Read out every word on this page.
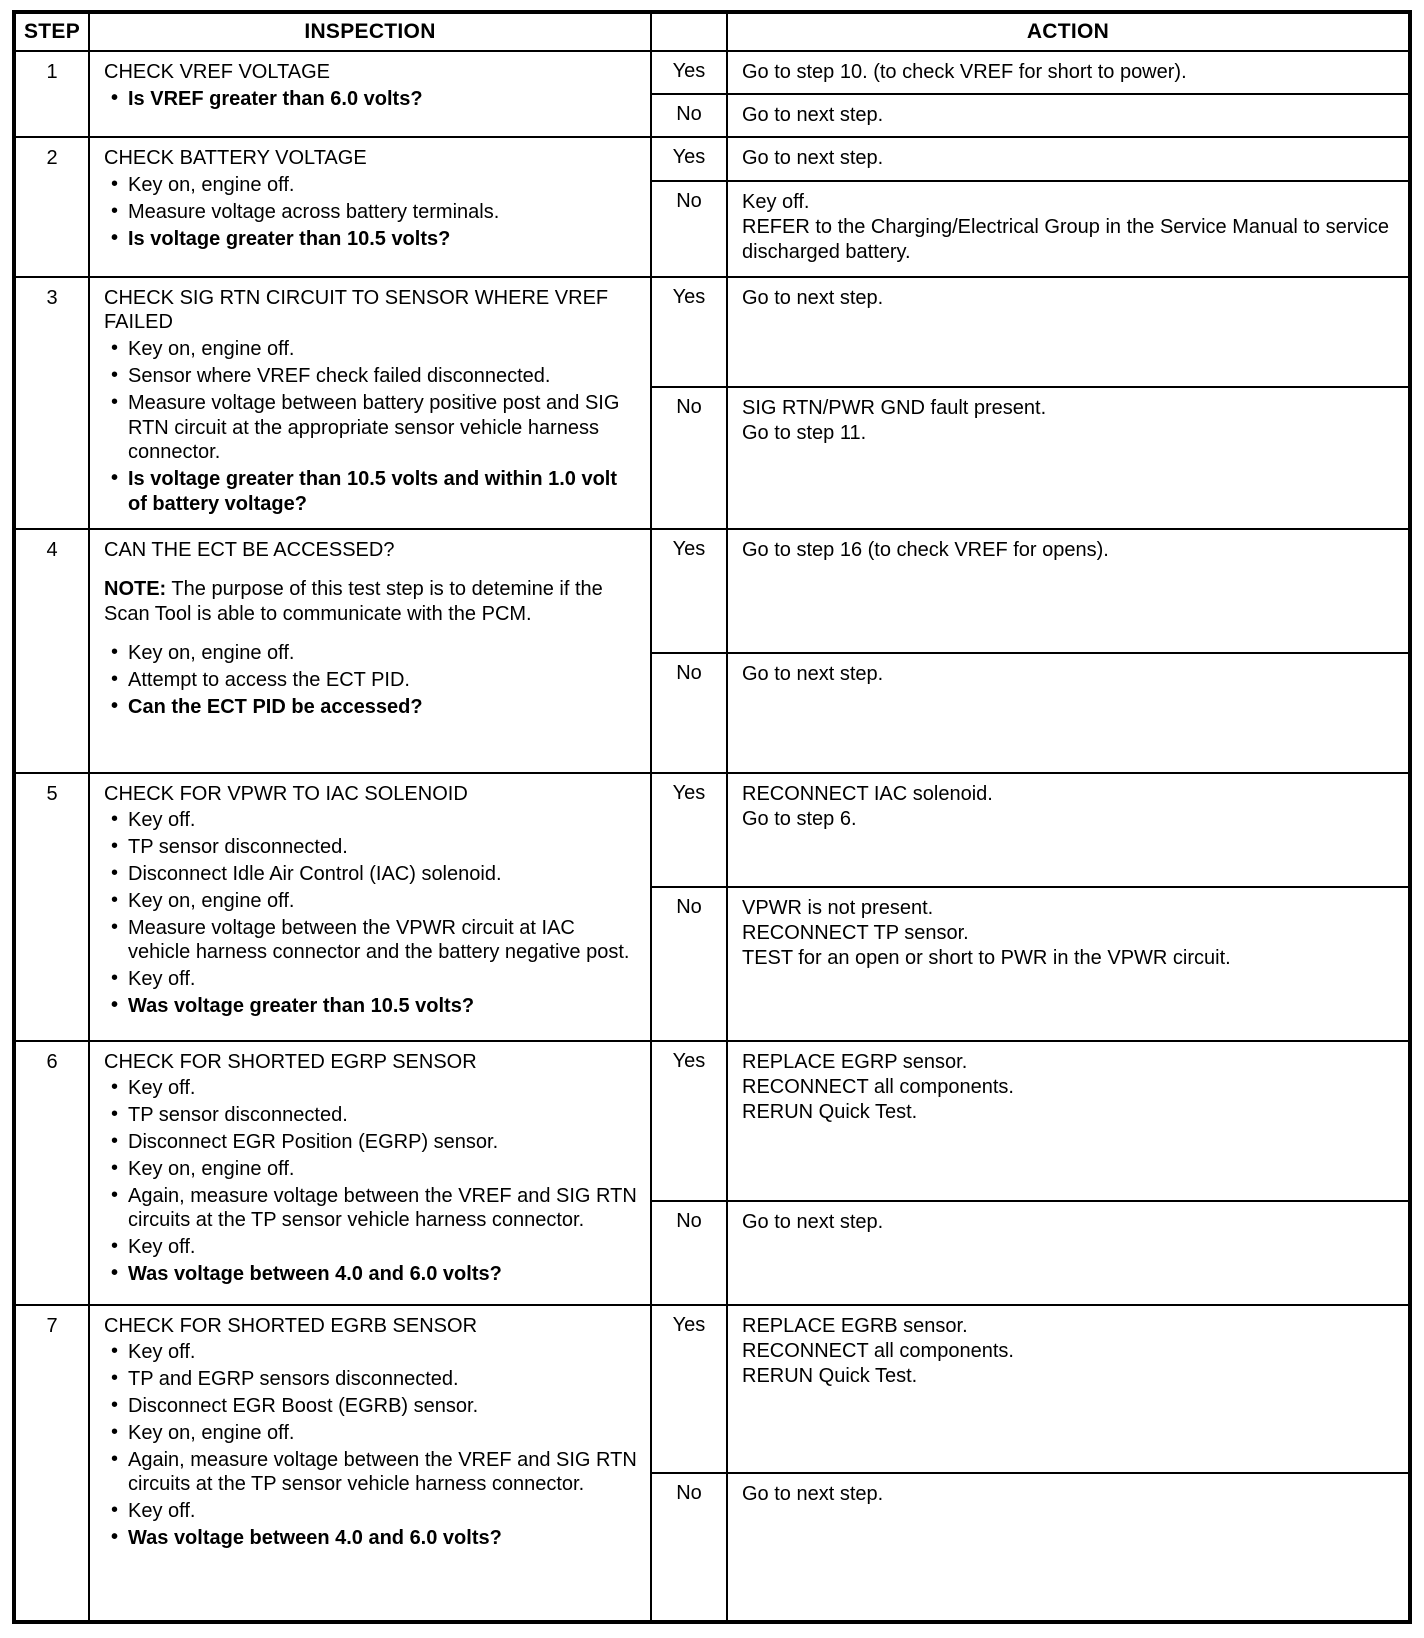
STEP	INSPECTION	ACTION
1	CHECK VREF VOLTAGE
• Is VREF greater than 6.0 volts?
Yes	Go to step 10. (to check VREF for short to power).
No	Go to next step.
2	CHECK BATTERY VOLTAGE
• Key on, engine off.
• Measure voltage across battery terminals.
• Is voltage greater than 10.5 volts?
Yes	Go to next step.
No	Key off.
REFER to the Charging/Electrical Group in the Service Manual to service discharged battery.
3	CHECK SIG RTN CIRCUIT TO SENSOR WHERE VREF FAILED
• Key on, engine off.
• Sensor where VREF check failed disconnected.
• Measure voltage between battery positive post and SIG RTN circuit at the appropriate sensor vehicle harness connector.
• Is voltage greater than 10.5 volts and within 1.0 volt of battery voltage?
Yes	Go to next step.
No	SIG RTN/PWR GND fault present.
Go to step 11.
4	CAN THE ECT BE ACCESSED?
NOTE: The purpose of this test step is to detemine if the Scan Tool is able to communicate with the PCM.
• Key on, engine off.
• Attempt to access the ECT PID.
• Can the ECT PID be accessed?
Yes	Go to step 16 (to check VREF for opens).
No	Go to next step.
5	CHECK FOR VPWR TO IAC SOLENOID
• Key off.
• TP sensor disconnected.
• Disconnect Idle Air Control (IAC) solenoid.
• Key on, engine off.
• Measure voltage between the VPWR circuit at IAC vehicle harness connector and the battery negative post.
• Key off.
• Was voltage greater than 10.5 volts?
Yes	RECONNECT IAC solenoid.
Go to step 6.
No	VPWR is not present.
RECONNECT TP sensor.
TEST for an open or short to PWR in the VPWR circuit.
6	CHECK FOR SHORTED EGRP SENSOR
• Key off.
• TP sensor disconnected.
• Disconnect EGR Position (EGRP) sensor.
• Key on, engine off.
• Again, measure voltage between the VREF and SIG RTN circuits at the TP sensor vehicle harness connector.
• Key off.
• Was voltage between 4.0 and 6.0 volts?
Yes	REPLACE EGRP sensor.
RECONNECT all components.
RERUN Quick Test.
No	Go to next step.
7	CHECK FOR SHORTED EGRB SENSOR
• Key off.
• TP and EGRP sensors disconnected.
• Disconnect EGR Boost (EGRB) sensor.
• Key on, engine off.
• Again, measure voltage between the VREF and SIG RTN circuits at the TP sensor vehicle harness connector.
• Key off.
• Was voltage between 4.0 and 6.0 volts?
Yes	REPLACE EGRB sensor.
RECONNECT all components.
RERUN Quick Test.
No	Go to next step.
